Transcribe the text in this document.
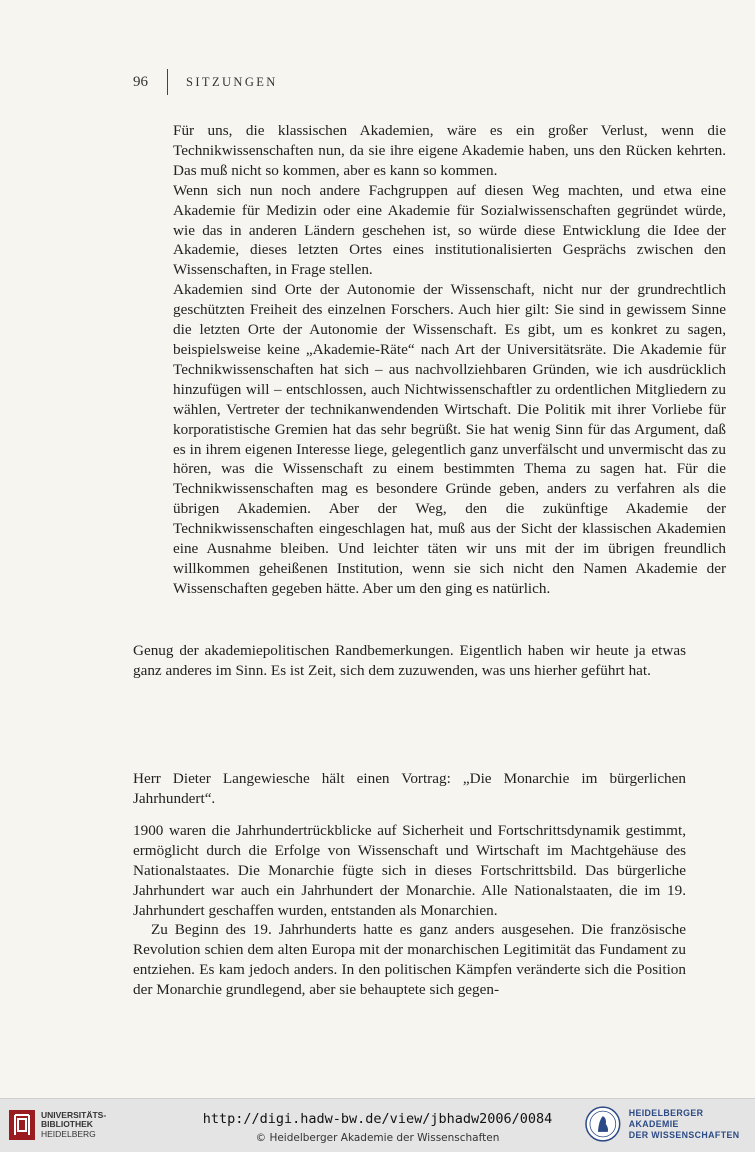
96	SITZUNGEN

Für uns, die klassischen Akademien, wäre es ein großer Verlust, wenn die Technikwissenschaften nun, da sie ihre eigene Akademie haben, uns den Rücken kehrten. Das muß nicht so kommen, aber es kann so kommen.

Wenn sich nun noch andere Fachgruppen auf diesen Weg machten, und etwa eine Akademie für Medizin oder eine Akademie für Sozialwissenschaften gegründet würde, wie das in anderen Ländern geschehen ist, so würde diese Entwicklung die Idee der Akademie, dieses letzten Ortes eines institutionalisierten Gesprächs zwischen den Wissenschaften, in Frage stellen.

Akademien sind Orte der Autonomie der Wissenschaft, nicht nur der grundrechtlich geschützten Freiheit des einzelnen Forschers. Auch hier gilt: Sie sind in gewissem Sinne die letzten Orte der Autonomie der Wissenschaft. Es gibt, um es konkret zu sagen, beispielsweise keine „Akademie-Räte“ nach Art der Universitätsräte. Die Akademie für Technikwissenschaften hat sich – aus nachvollziehbaren Gründen, wie ich ausdrücklich hinzufügen will – entschlossen, auch Nichtwissenschaftler zu ordentlichen Mitgliedern zu wählen, Vertreter der technikanwendenden Wirtschaft. Die Politik mit ihrer Vorliebe für korporatistische Gremien hat das sehr begrüßt. Sie hat wenig Sinn für das Argument, daß es in ihrem eigenen Interesse liege, gelegentlich ganz unverfälscht und unvermischt das zu hören, was die Wissenschaft zu einem bestimmten Thema zu sagen hat. Für die Technikwissenschaften mag es besondere Gründe geben, anders zu verfahren als die übrigen Akademien. Aber der Weg, den die zukünftige Akademie der Technikwissenschaften eingeschlagen hat, muß aus der Sicht der klassischen Akademien eine Ausnahme bleiben. Und leichter täten wir uns mit der im übrigen freundlich willkommen geheißenen Institution, wenn sie sich nicht den Namen Akademie der Wissenschaften gegeben hätte. Aber um den ging es natürlich.

Genug der akademiepolitischen Randbemerkungen. Eigentlich haben wir heute ja etwas ganz anderes im Sinn. Es ist Zeit, sich dem zuzuwenden, was uns hierher geführt hat.

Herr Dieter Langewiesche hält einen Vortrag: „Die Monarchie im bürgerlichen Jahrhundert“.

1900 waren die Jahrhundertrückblicke auf Sicherheit und Fortschrittsdynamik gestimmt, ermöglicht durch die Erfolge von Wissenschaft und Wirtschaft im Machtgehäuse des Nationalstaates. Die Monarchie fügte sich in dieses Fortschrittsbild. Das bürgerliche Jahrhundert war auch ein Jahrhundert der Monarchie. Alle Nationalstaaten, die im 19. Jahrhundert geschaffen wurden, entstanden als Monarchien.

Zu Beginn des 19. Jahrhunderts hatte es ganz anders ausgesehen. Die französische Revolution schien dem alten Europa mit der monarchischen Legitimität das Fundament zu entziehen. Es kam jedoch anders. In den politischen Kämpfen veränderte sich die Position der Monarchie grundlegend, aber sie behauptete sich gegen-

UNIVERSITÄTS-
BIBLIOTHEK
HEIDELBERG
http://digi.hadw-bw.de/view/jbhadw2006/0084
© Heidelberger Akademie der Wissenschaften
HEIDELBERGER AKADEMIE
DER WISSENSCHAFTEN
